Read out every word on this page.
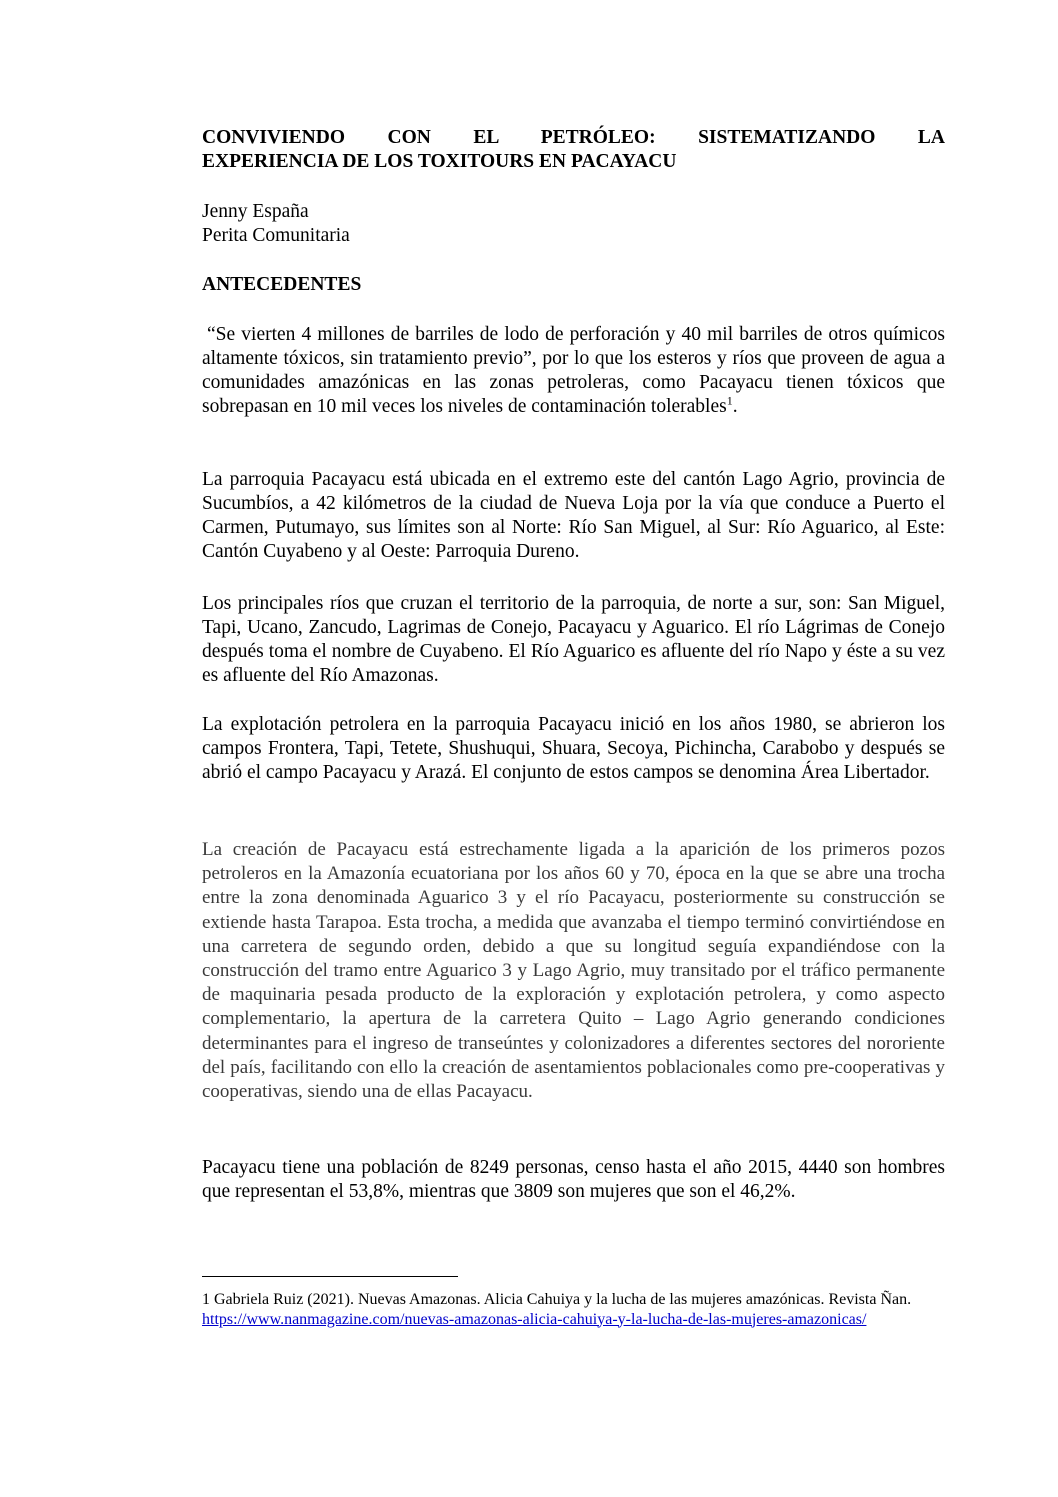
CONVIVIENDO CON EL PETRÓLEO: SISTEMATIZANDO LA
EXPERIENCIA DE LOS TOXITOURS EN PACAYACU
Jenny España
Perita Comunitaria
ANTECEDENTES

“Se vierten 4 millones de barriles de lodo de perforación y 40 mil barriles de otros químicos altamente tóxicos, sin tratamiento previo”, por lo que los esteros y ríos que proveen de agua a comunidades amazónicas en las zonas petroleras, como Pacayacu tienen tóxicos que sobrepasan en 10 mil veces los niveles de contaminación tolerables$^1$.

La parroquia Pacayacu está ubicada en el extremo este del cantón Lago Agrio, provincia de Sucumbíos, a 42 kilómetros de la ciudad de Nueva Loja por la vía que conduce a Puerto el Carmen, Putumayo, sus límites son al Norte: Río San Miguel, al Sur: Río Aguarico, al Este: Cantón Cuyabeno y al Oeste: Parroquia Dureno.

Los principales ríos que cruzan el territorio de la parroquia, de norte a sur, son: San Miguel, Tapi, Ucano, Zancudo, Lagrimas de Conejo, Pacayacu y Aguarico. El río Lágrimas de Conejo después toma el nombre de Cuyabeno. El Río Aguarico es afluente del río Napo y éste a su vez es afluente del Río Amazonas.

La explotación petrolera en la parroquia Pacayacu inició en los años 1980, se abrieron los campos Frontera, Tapi, Tetete, Shushuqui, Shuara, Secoya, Pichincha, Carabobo y después se abrió el campo Pacayacu y Arazá. El conjunto de estos campos se denomina Área Libertador.

La creación de Pacayacu está estrechamente ligada a la aparición de los primeros pozos petroleros en la Amazonía ecuatoriana por los años 60 y 70, época en la que se abre una trocha entre la zona denominada Aguarico 3 y el río Pacayacu, posteriormente su construcción se extiende hasta Tarapoa. Esta trocha, a medida que avanzaba el tiempo terminó convirtiéndose en una carretera de segundo orden, debido a que su longitud seguía expandiéndose con la construcción del tramo entre Aguarico 3 y Lago Agrio, muy transitado por el tráfico permanente de maquinaria pesada producto de la exploración y explotación petrolera, y como aspecto complementario, la apertura de la carretera Quito – Lago Agrio generando condiciones determinantes para el ingreso de transeúntes y colonizadores a diferentes sectores del nororiente del país, facilitando con ello la creación de asentamientos poblacionales como pre-cooperativas y cooperativas, siendo una de ellas Pacayacu.

Pacayacu tiene una población de 8249 personas, censo hasta el año 2015, 4440 son hombres que representan el 53,8%, mientras que 3809 son mujeres que son el 46,2%.

1 Gabriela Ruiz (2021). Nuevas Amazonas. Alicia Cahuiya y la lucha de las mujeres amazónicas. Revista Ñan. https://www.nanmagazine.com/nuevas-amazonas-alicia-cahuiya-y-la-lucha-de-las-mujeres-amazonicas/
